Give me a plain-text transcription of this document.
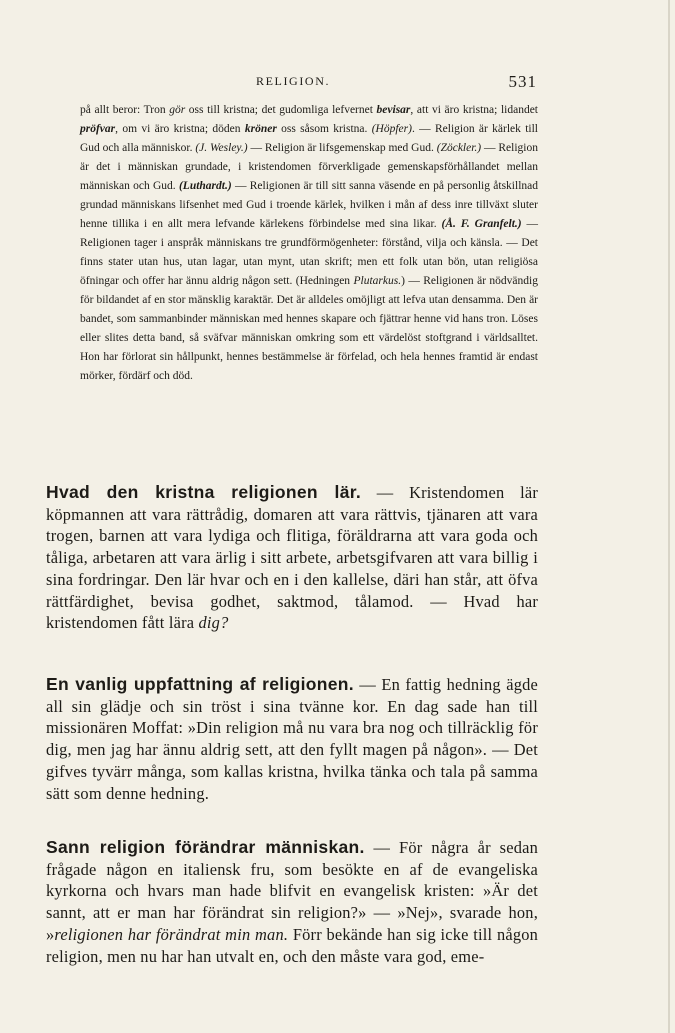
RELIGION.	531

på allt beror: Tron gör oss till kristna; det gudomliga lefvernet bevisar, att vi äro kristna; lidandet pröfvar, om vi äro kristna; döden kröner oss såsom kristna. (Höpfer). — Religion är kärlek till Gud och alla människor. (J. Wesley.) — Religion är lifsgemenskap med Gud. (Zöckler.) — Religion är det i människan grundade, i kristendomen förverkligade gemenskapsförhållandet mellan människan och Gud. (Luthardt.) — Religionen är till sitt sanna väsende en på personlig åtskillnad grundad människans lifsenhet med Gud i troende kärlek, hvilken i mån af dess inre tillväxt sluter henne tillika i en allt mera lefvande kärlekens förbindelse med sina likar. (Å. F. Granfelt.) — Religionen tager i anspråk människans tre grundförmögenheter: förstånd, vilja och känsla. — Det finns stater utan hus, utan lagar, utan mynt, utan skrift; men ett folk utan bön, utan religiösa öfningar och offer har ännu aldrig någon sett. (Hedningen Plutarkus.) — Religionen är nödvändig för bildandet af en stor mänsklig karaktär. Det är alldeles omöjligt att lefva utan densamma. Den är bandet, som sammanbinder människan med hennes skapare och fjättrar henne vid hans tron. Löses eller slites detta band, så sväfvar människan omkring som ett värdelöst stoftgrand i världsalltet. Hon har förlorat sin hållpunkt, hennes bestämmelse är förfelad, och hela hennes framtid är endast mörker, fördärf och död.

Hvad den kristna religionen lär. — Kristendomen lär köpmannen att vara rättrådig, domaren att vara rättvis, tjänaren att vara trogen, barnen att vara lydiga och flitiga, föräldrarna att vara goda och tåliga, arbetaren att vara ärlig i sitt arbete, arbetsgifvaren att vara billig i sina fordringar. Den lär hvar och en i den kallelse, däri han står, att öfva rättfärdighet, bevisa godhet, saktmod, tålamod. — Hvad har kristendomen fått lära dig?

En vanlig uppfattning af religionen. — En fattig hedning ägde all sin glädje och sin tröst i sina tvänne kor. En dag sade han till missionären Moffat: »Din religion må nu vara bra nog och tillräcklig för dig, men jag har ännu aldrig sett, att den fyllt magen på någon». — Det gifves tyvärr många, som kallas kristna, hvilka tänka och tala på samma sätt som denne hedning.

Sann religion förändrar människan. — För några år sedan frågade någon en italiensk fru, som besökte en af de evangeliska kyrkorna och hvars man hade blifvit en evangelisk kristen: »Är det sannt, att er man har förändrat sin religion?» — »Nej», svarade hon, »religionen har förändrat min man. Förr bekände han sig icke till någon religion, men nu har han utvalt en, och den måste vara god, eme-
